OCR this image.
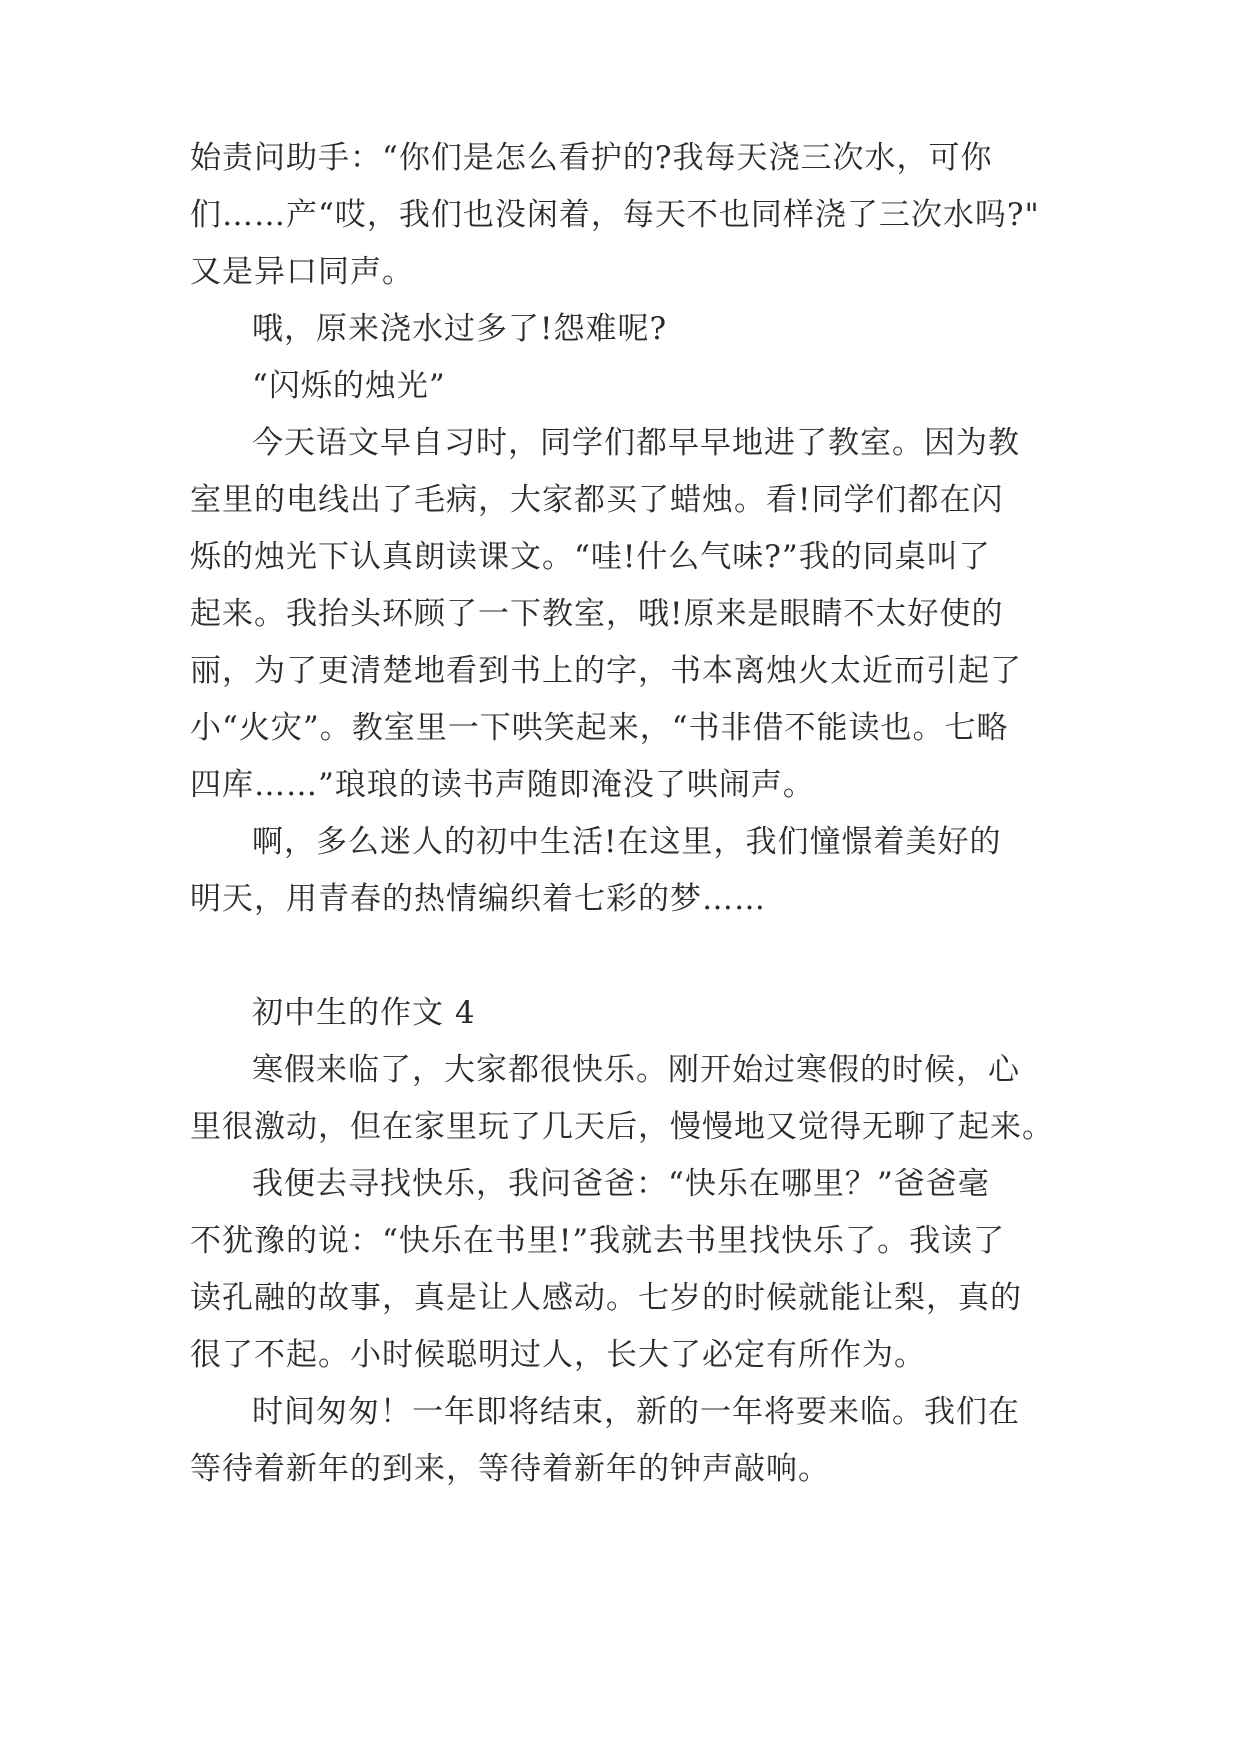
始责问助手：“你们是怎么看护的?我每天浇三次水，可你
们……产“哎，我们也没闲着，每天不也同样浇了三次水吗?"
又是异口同声。
哦，原来浇水过多了!怨难呢?
“闪烁的烛光”
今天语文早自习时，同学们都早早地进了教室。因为教
室里的电线出了毛病，大家都买了蜡烛。看!同学们都在闪
烁的烛光下认真朗读课文。“哇!什么气味?”我的同桌叫了
起来。我抬头环顾了一下教室，哦!原来是眼睛不太好使的
丽，为了更清楚地看到书上的字，书本离烛火太近而引起了
小“火灾”。教室里一下哄笑起来，“书非借不能读也。七略
四库……”琅琅的读书声随即淹没了哄闹声。
啊，多么迷人的初中生活!在这里，我们憧憬着美好的
明天，用青春的热情编织着七彩的梦……
初中生的作文 4
寒假来临了，大家都很快乐。刚开始过寒假的时候，心
里很激动，但在家里玩了几天后，慢慢地又觉得无聊了起来。
我便去寻找快乐，我问爸爸：“快乐在哪里？”爸爸毫
不犹豫的说：“快乐在书里!”我就去书里找快乐了。我读了
读孔融的故事，真是让人感动。七岁的时候就能让梨，真的
很了不起。小时候聪明过人，长大了必定有所作为。
时间匆匆！一年即将结束，新的一年将要来临。我们在
等待着新年的到来，等待着新年的钟声敲响。
